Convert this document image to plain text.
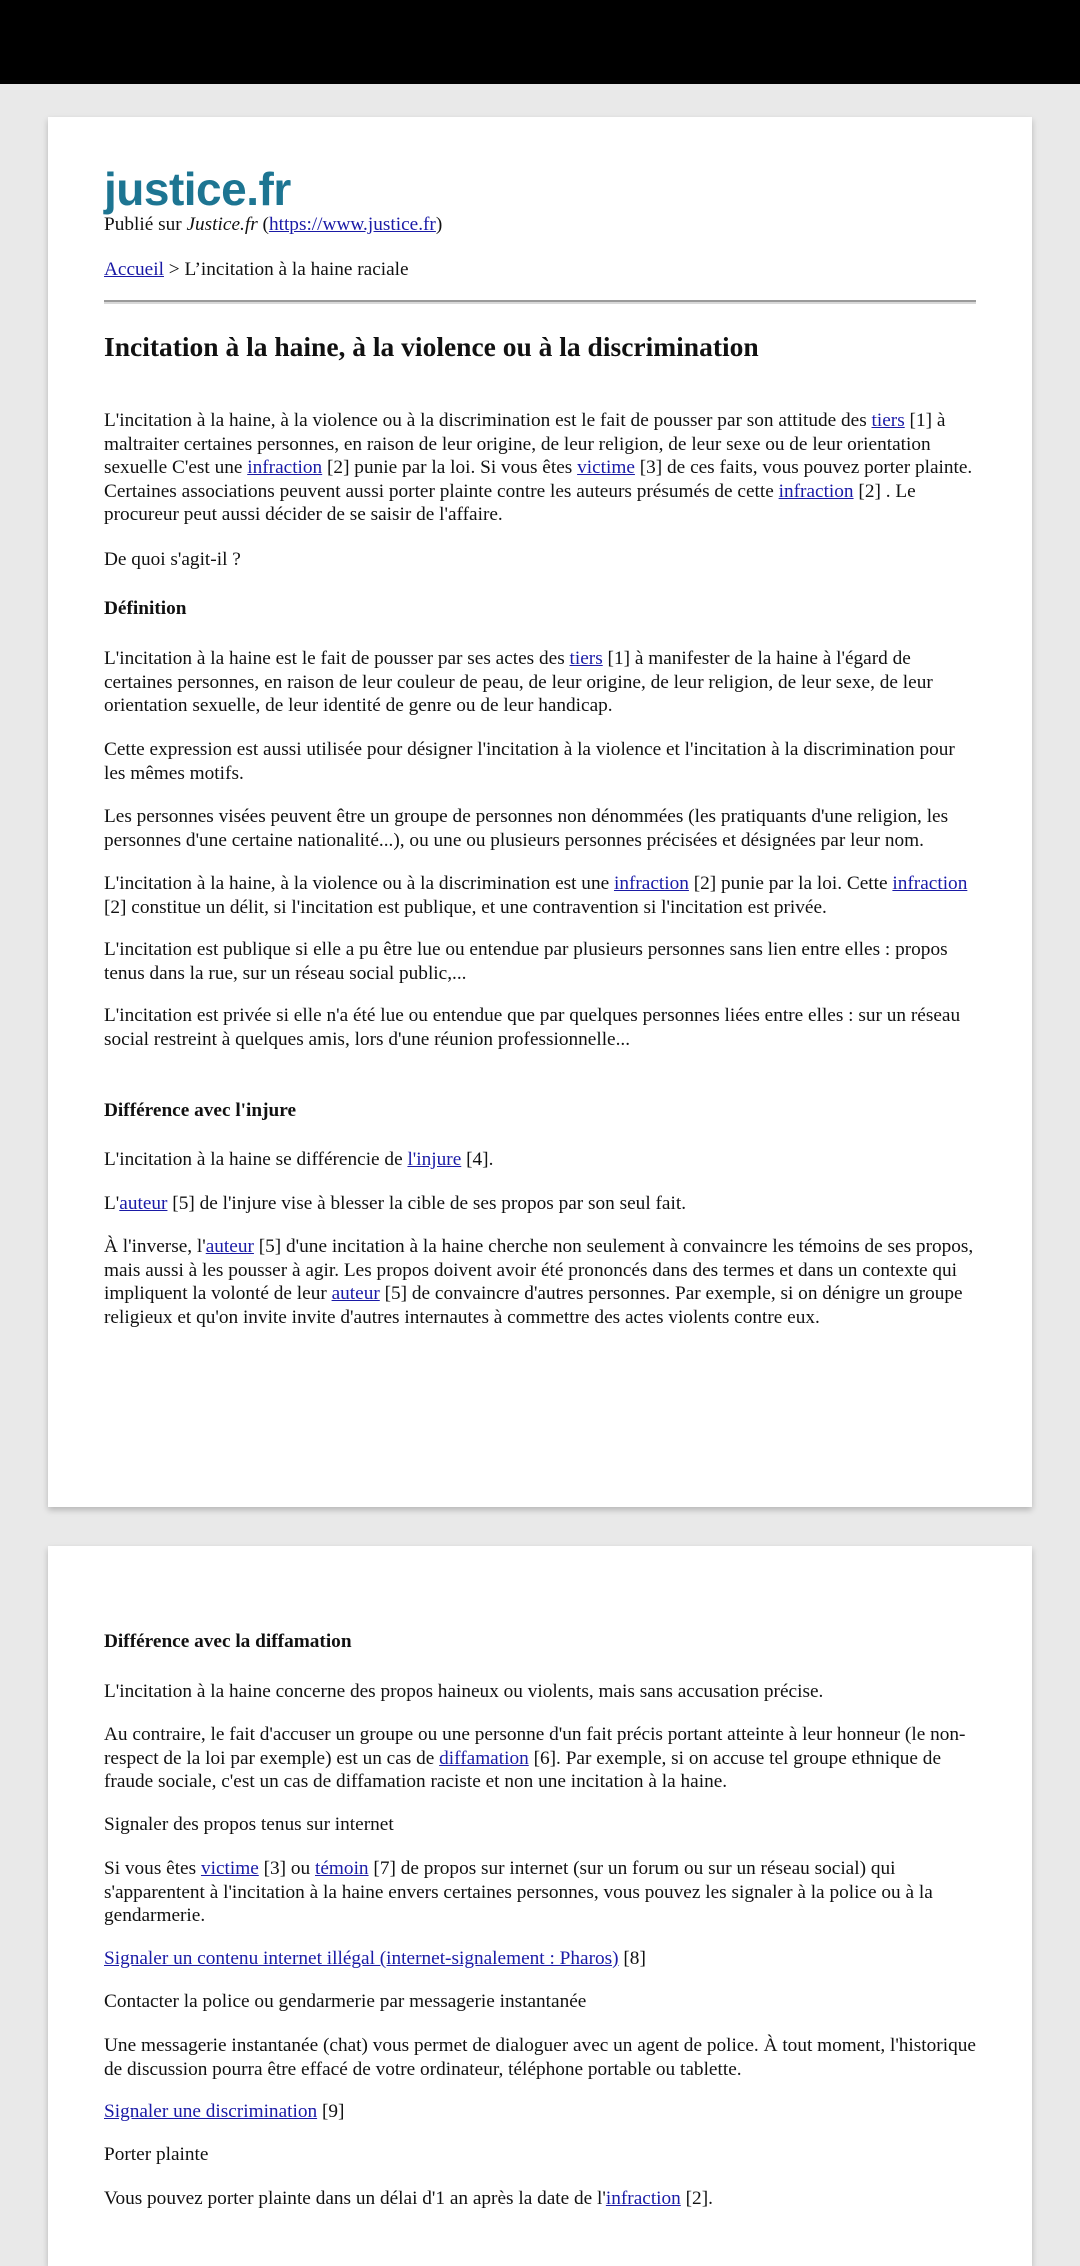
justice.fr

Publié sur Justice.fr (https://www.justice.fr)

Accueil > L’incitation à la haine raciale

Incitation à la haine, à la violence ou à la discrimination

L'incitation à la haine, à la violence ou à la discrimination est le fait de pousser par son attitude des tiers [1] à maltraiter certaines personnes, en raison de leur origine, de leur religion, de leur sexe ou de leur orientation sexuelle C'est une infraction [2] punie par la loi. Si vous êtes victime [3] de ces faits, vous pouvez porter plainte. Certaines associations peuvent aussi porter plainte contre les auteurs présumés de cette infraction [2] . Le procureur peut aussi décider de se saisir de l'affaire.

De quoi s'agit-il ?

Définition

L'incitation à la haine est le fait de pousser par ses actes des tiers [1] à manifester de la haine à l'égard de certaines personnes, en raison de leur couleur de peau, de leur origine, de leur religion, de leur sexe, de leur orientation sexuelle, de leur identité de genre ou de leur handicap.

Cette expression est aussi utilisée pour désigner l'incitation à la violence et l'incitation à la discrimination pour les mêmes motifs.

Les personnes visées peuvent être un groupe de personnes non dénommées (les pratiquants d'une religion, les personnes d'une certaine nationalité...), ou une ou plusieurs personnes précisées et désignées par leur nom.

L'incitation à la haine, à la violence ou à la discrimination est une infraction [2] punie par la loi. Cette infraction [2] constitue un délit, si l'incitation est publique, et une contravention si l'incitation est privée.

L'incitation est publique si elle a pu être lue ou entendue par plusieurs personnes sans lien entre elles : propos tenus dans la rue, sur un réseau social public,...

L'incitation est privée si elle n'a été lue ou entendue que par quelques personnes liées entre elles : sur un réseau social restreint à quelques amis, lors d'une réunion professionnelle...

Différence avec l'injure

L'incitation à la haine se différencie de l'injure [4].

L'auteur [5] de l'injure vise à blesser la cible de ses propos par son seul fait.

À l'inverse, l'auteur [5] d'une incitation à la haine cherche non seulement à convaincre les témoins de ses propos, mais aussi à les pousser à agir. Les propos doivent avoir été prononcés dans des termes et dans un contexte qui impliquent la volonté de leur auteur [5] de convaincre d'autres personnes. Par exemple, si on dénigre un groupe religieux et qu'on invite invite d'autres internautes à commettre des actes violents contre eux.

Différence avec la diffamation

L'incitation à la haine concerne des propos haineux ou violents, mais sans accusation précise.

Au contraire, le fait d'accuser un groupe ou une personne d'un fait précis portant atteinte à leur honneur (le non-respect de la loi par exemple) est un cas de diffamation [6]. Par exemple, si on accuse tel groupe ethnique de fraude sociale, c'est un cas de diffamation raciste et non une incitation à la haine.

Signaler des propos tenus sur internet

Si vous êtes victime [3] ou témoin [7] de propos sur internet (sur un forum ou sur un réseau social) qui s'apparentent à l'incitation à la haine envers certaines personnes, vous pouvez les signaler à la police ou à la gendarmerie.

Signaler un contenu internet illégal (internet-signalement : Pharos) [8]

Contacter la police ou gendarmerie par messagerie instantanée

Une messagerie instantanée (chat) vous permet de dialoguer avec un agent de police. À tout moment, l'historique de discussion pourra être effacé de votre ordinateur, téléphone portable ou tablette.

Signaler une discrimination [9]

Porter plainte

Vous pouvez porter plainte dans un délai d'1 an après la date de l'infraction [2].
